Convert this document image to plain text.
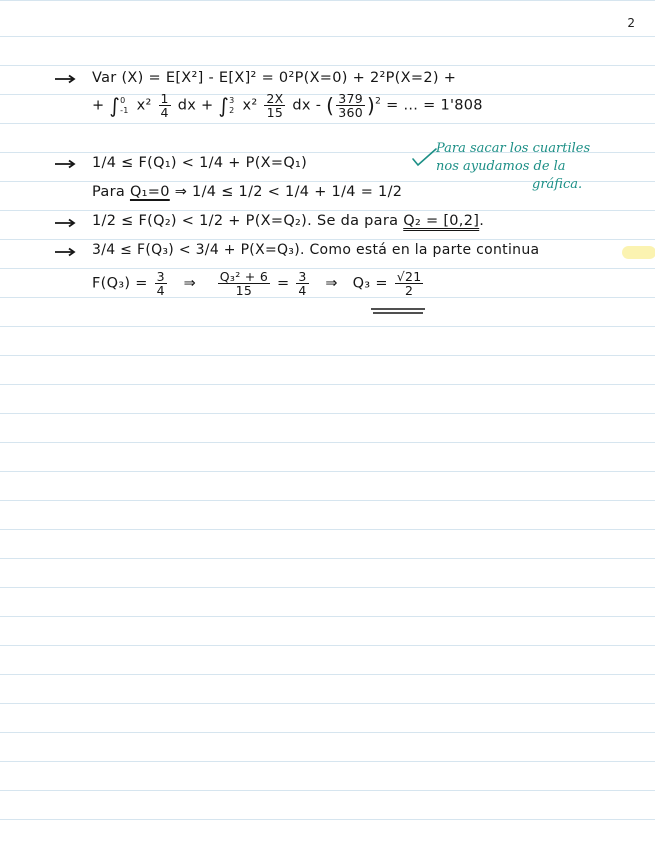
2
Var (X) = E[X²] - E[X]² = 0²P(X=0) + 2²P(X=2) +
+ ∫ 0
-1 $x^2 \frac{1}{4}$ dx + ∫ 3
2 $x^2 \frac{2X}{15}$ dx - ( $\frac{379}{360} )^2$ = ... = 1'808
Para sacar los cuartiles
nos ayudamos de la
gráfica.
1/4 ≤ F(Q₁) < 1/4 + P(X=Q₁)
Para Q₁=0 ⇒ 1/4 ≤ 1/2 < 1/4 + 1/4 = 1/2
1/2 ≤ F(Q₂) < 1/2 + P(X=Q₂). Se da para Q₂ = [0,2].
3/4 ≤ F(Q₃) < 3/4 + P(X=Q₃). Como está en la parte continua
$F(Q_3) = \frac{3}{4}$ ⇒ $\frac{\text{Q₃² + 6}}{15} = \frac{3}{4}$ ⇒ $Q_3 = \frac{√21}{2}$
